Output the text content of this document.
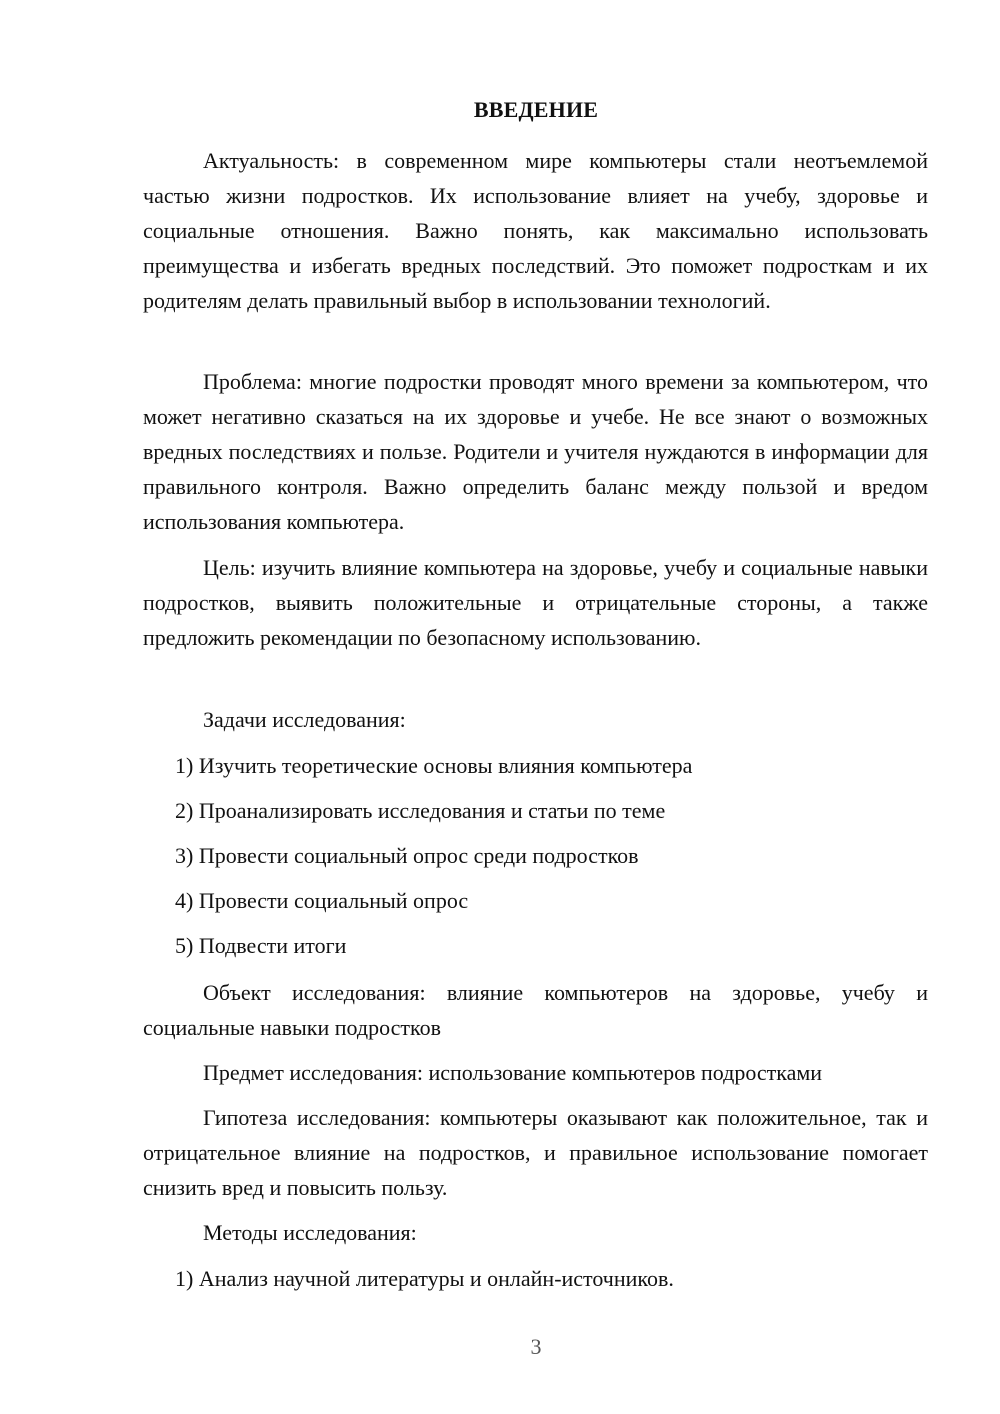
ВВЕДЕНИЕ

Актуальность: в современном мире компьютеры стали неотъемлемой частью жизни подростков. Их использование влияет на учебу, здоровье и социальные отношения. Важно понять, как максимально использовать преимущества и избегать вредных последствий. Это поможет подросткам и их родителям делать правильный выбор в использовании технологий.

Проблема: многие подростки проводят много времени за компьютером, что может негативно сказаться на их здоровье и учебе. Не все знают о возможных вредных последствиях и пользе. Родители и учителя нуждаются в информации для правильного контроля. Важно определить баланс между пользой и вредом использования компьютера.

Цель: изучить влияние компьютера на здоровье, учебу и социальные навыки подростков, выявить положительные и отрицательные стороны, а также предложить рекомендации по безопасному использованию.

Задачи исследования:

1) Изучить теоретические основы влияния компьютера

2) Проанализировать исследования и статьи по теме

3) Провести социальный опрос среди подростков

4) Провести социальный опрос

5) Подвести итоги

Объект исследования: влияние компьютеров на здоровье, учебу и социальные навыки подростков

Предмет исследования: использование компьютеров подростками

Гипотеза исследования: компьютеры оказывают как положительное, так и отрицательное влияние на подростков, и правильное использование помогает снизить вред и повысить пользу.

Методы исследования:

1) Анализ научной литературы и онлайн-источников.

3
